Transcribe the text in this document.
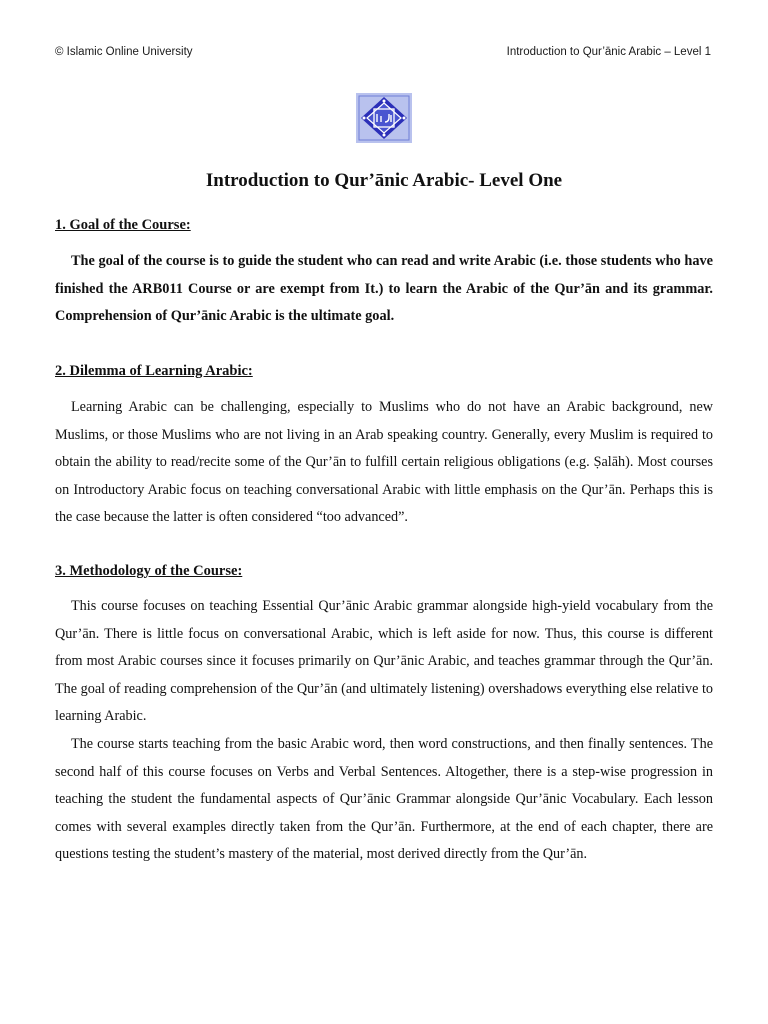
© Islamic Online University	Introduction to Qur’ānic Arabic – Level 1
Introduction to Qur’ānic Arabic- Level One
1. Goal of the Course:

The goal of the course is to guide the student who can read and write Arabic (i.e. those students who have finished the ARB011 Course or are exempt from It.) to learn the Arabic of the Qur’ān and its grammar. Comprehension of Qur’ānic Arabic is the ultimate goal.

2. Dilemma of Learning Arabic:

Learning Arabic can be challenging, especially to Muslims who do not have an Arabic background, new Muslims, or those Muslims who are not living in an Arab speaking country. Generally, every Muslim is required to obtain the ability to read/recite some of the Qur’ān to fulfill certain religious obligations (e.g. Ṣalāh). Most courses on Introductory Arabic focus on teaching conversational Arabic with little emphasis on the Qur’ān. Perhaps this is the case because the latter is often considered “too advanced”.

3. Methodology of the Course:

This course focuses on teaching Essential Qur’ānic Arabic grammar alongside high-yield vocabulary from the Qur’ān. There is little focus on conversational Arabic, which is left aside for now. Thus, this course is different from most Arabic courses since it focuses primarily on Qur’ānic Arabic, and teaches grammar through the Qur’ān. The goal of reading comprehension of the Qur’ān (and ultimately listening) overshadows everything else relative to learning Arabic.

The course starts teaching from the basic Arabic word, then word constructions, and then finally sentences. The second half of this course focuses on Verbs and Verbal Sentences. Altogether, there is a step-wise progression in teaching the student the fundamental aspects of Qur’ānic Grammar alongside Qur’ānic Vocabulary. Each lesson comes with several examples directly taken from the Qur’ān. Furthermore, at the end of each chapter, there are questions testing the student’s mastery of the material, most derived directly from the Qur’ān.
